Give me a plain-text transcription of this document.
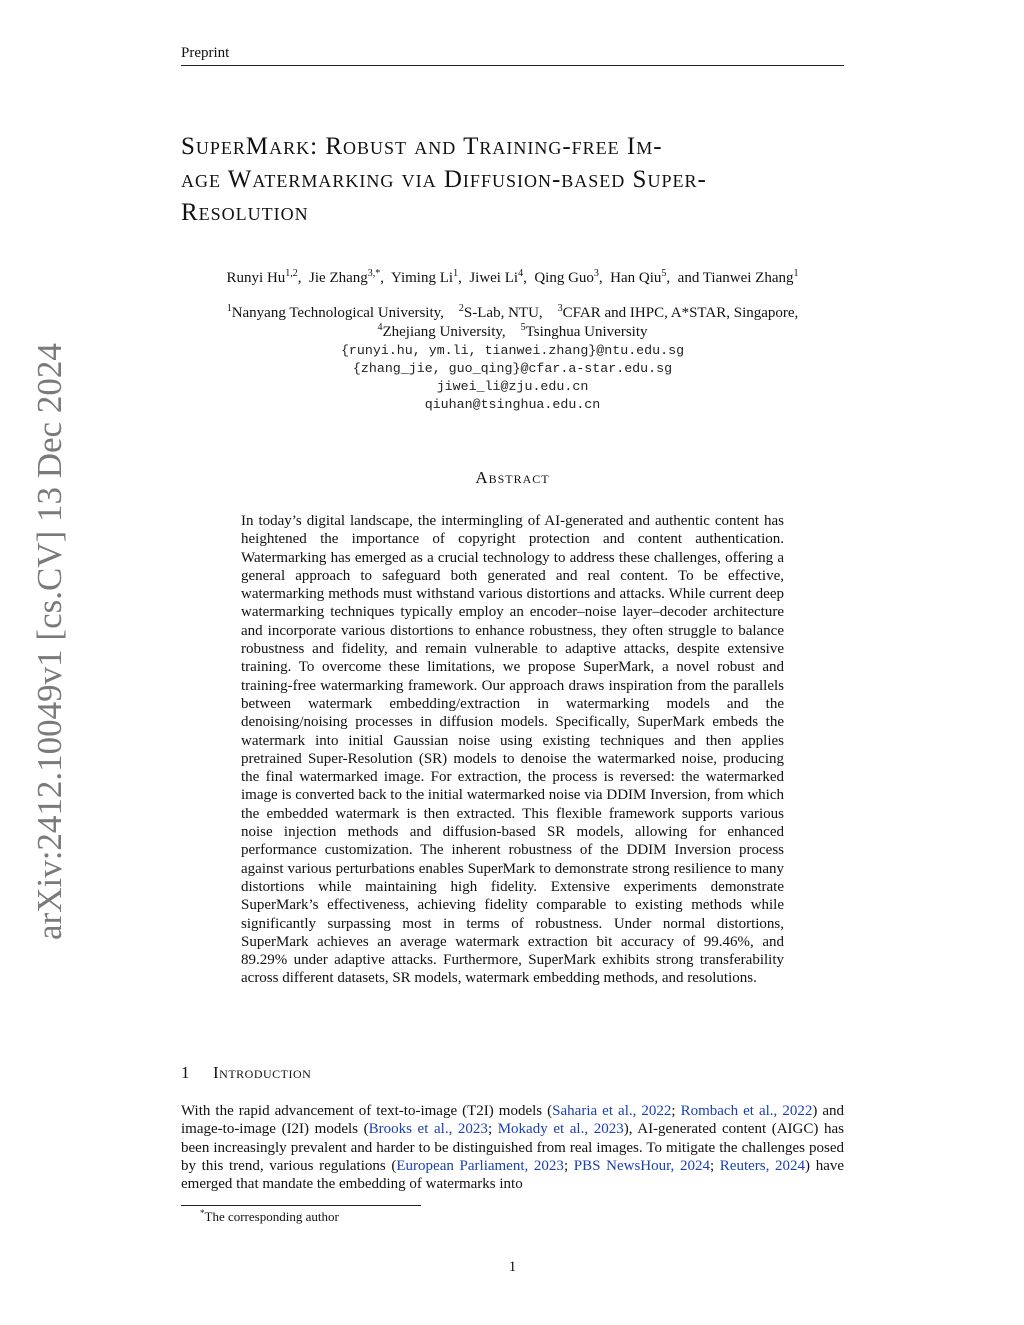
Preprint
SuperMark: Robust and Training-free Im-
age Watermarking via Diffusion-based Super-
Resolution
Runyi Hu$^{1,2}$,  Jie Zhang$^{3,*}$,  Yiming Li$^1$,  Jiwei Li$^4$,  Qing Guo$^3$,  Han Qiu$^5$,  and Tianwei Zhang$^1$
$^1$Nanyang Technological University, $^2$S-Lab, NTU, $^3$CFAR and IHPC, A*STAR, Singapore,
$^4$Zhejiang University, $^5$Tsinghua University
{runyi.hu, ym.li, tianwei.zhang}@ntu.edu.sg
{zhang_jie, guo_qing}@cfar.a-star.edu.sg
jiwei_li@zju.edu.cn
qiuhan@tsinghua.edu.cn
arXiv:2412.10049v1 [cs.CV] 13 Dec 2024	Abstract
In today’s digital landscape, the intermingling of AI-generated and authentic content has heightened the importance of copyright protection and content authentication. Watermarking has emerged as a crucial technology to address these challenges, offering a general approach to safeguard both generated and real content. To be effective, watermarking methods must withstand various distortions and attacks. While current deep watermarking techniques typically employ an encoder–noise layer–decoder architecture and incorporate various distortions to enhance robustness, they often struggle to balance robustness and fidelity, and remain vulnerable to adaptive attacks, despite extensive training. To overcome these limitations, we propose SuperMark, a novel robust and training-free watermarking framework. Our approach draws inspiration from the parallels between watermark embedding/extraction in watermarking models and the denoising/noising processes in diffusion models. Specifically, SuperMark embeds the watermark into initial Gaussian noise using existing techniques and then applies pretrained Super-Resolution (SR) models to denoise the watermarked noise, producing the final watermarked image. For extraction, the process is reversed: the watermarked image is converted back to the initial watermarked noise via DDIM Inversion, from which the embedded watermark is then extracted. This flexible framework supports various noise injection methods and diffusion-based SR models, allowing for enhanced performance customization. The inherent robustness of the DDIM Inversion process against various perturbations enables SuperMark to demonstrate strong resilience to many distortions while maintaining high fidelity. Extensive experiments demonstrate SuperMark’s effectiveness, achieving fidelity comparable to existing methods while significantly surpassing most in terms of robustness. Under normal distortions, SuperMark achieves an average watermark extraction bit accuracy of 99.46%, and 89.29% under adaptive attacks. Furthermore, SuperMark exhibits strong transferability across different datasets, SR models, watermark embedding methods, and resolutions.
1 Introduction
With the rapid advancement of text-to-image (T2I) models (Saharia et al., 2022; Rombach et al., 2022) and image-to-image (I2I) models (Brooks et al., 2023; Mokady et al., 2023), AI-generated content (AIGC) has been increasingly prevalent and harder to be distinguished from real images. To mitigate the challenges posed by this trend, various regulations (European Parliament, 2023; PBS NewsHour, 2024; Reuters, 2024) have emerged that mandate the embedding of watermarks into
*The corresponding author
1
